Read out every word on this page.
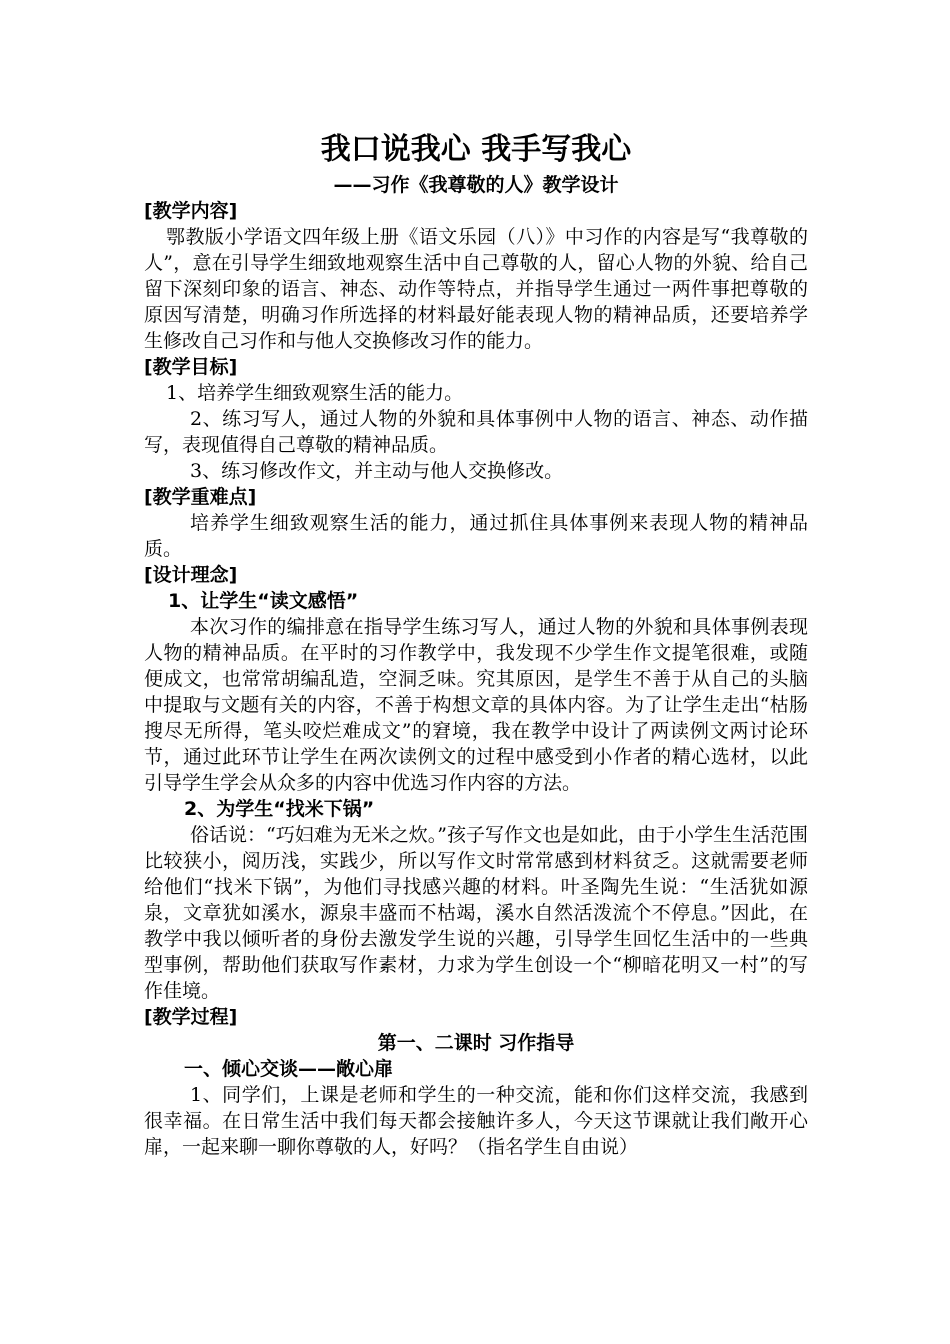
我口说我心 我手写我心

——习作《我尊敬的人》教学设计

[教学内容]

鄂教版小学语文四年级上册《语文乐园（八）》中习作的内容是写“我尊敬的人”，意在引导学生细致地观察生活中自己尊敬的人，留心人物的外貌、给自己留下深刻印象的语言、神态、动作等特点，并指导学生通过一两件事把尊敬的原因写清楚，明确习作所选择的材料最好能表现人物的精神品质，还要培养学生修改自己习作和与他人交换修改习作的能力。

[教学目标]

1、培养学生细致观察生活的能力。

2、练习写人，通过人物的外貌和具体事例中人物的语言、神态、动作描写，表现值得自己尊敬的精神品质。

3、练习修改作文，并主动与他人交换修改。

[教学重难点]

培养学生细致观察生活的能力，通过抓住具体事例来表现人物的精神品质。

[设计理念]

1、让学生“读文感悟”

本次习作的编排意在指导学生练习写人，通过人物的外貌和具体事例表现人物的精神品质。在平时的习作教学中，我发现不少学生作文提笔很难，或随便成文，也常常胡编乱造，空洞乏味。究其原因，是学生不善于从自己的头脑中提取与文题有关的内容，不善于构想文章的具体内容。为了让学生走出“枯肠搜尽无所得，笔头咬烂难成文”的窘境，我在教学中设计了两读例文两讨论环节，通过此环节让学生在两次读例文的过程中感受到小作者的精心选材，以此引导学生学会从众多的内容中优选习作内容的方法。

2、为学生“找米下锅”

俗话说：“巧妇难为无米之炊。”孩子写作文也是如此，由于小学生生活范围比较狭小，阅历浅，实践少，所以写作文时常常感到材料贫乏。这就需要老师给他们“找米下锅”，为他们寻找感兴趣的材料。叶圣陶先生说：“生活犹如源泉，文章犹如溪水，源泉丰盛而不枯竭，溪水自然活泼流个不停息。”因此，在教学中我以倾听者的身份去激发学生说的兴趣，引导学生回忆生活中的一些典型事例，帮助他们获取写作素材，力求为学生创设一个“柳暗花明又一村”的写作佳境。

[教学过程]

第一、二课时 习作指导

一、倾心交谈——敞心扉

1、同学们，上课是老师和学生的一种交流，能和你们这样交流，我感到很幸福。在日常生活中我们每天都会接触许多人，今天这节课就让我们敞开心扉，一起来聊一聊你尊敬的人，好吗？（指名学生自由说）
